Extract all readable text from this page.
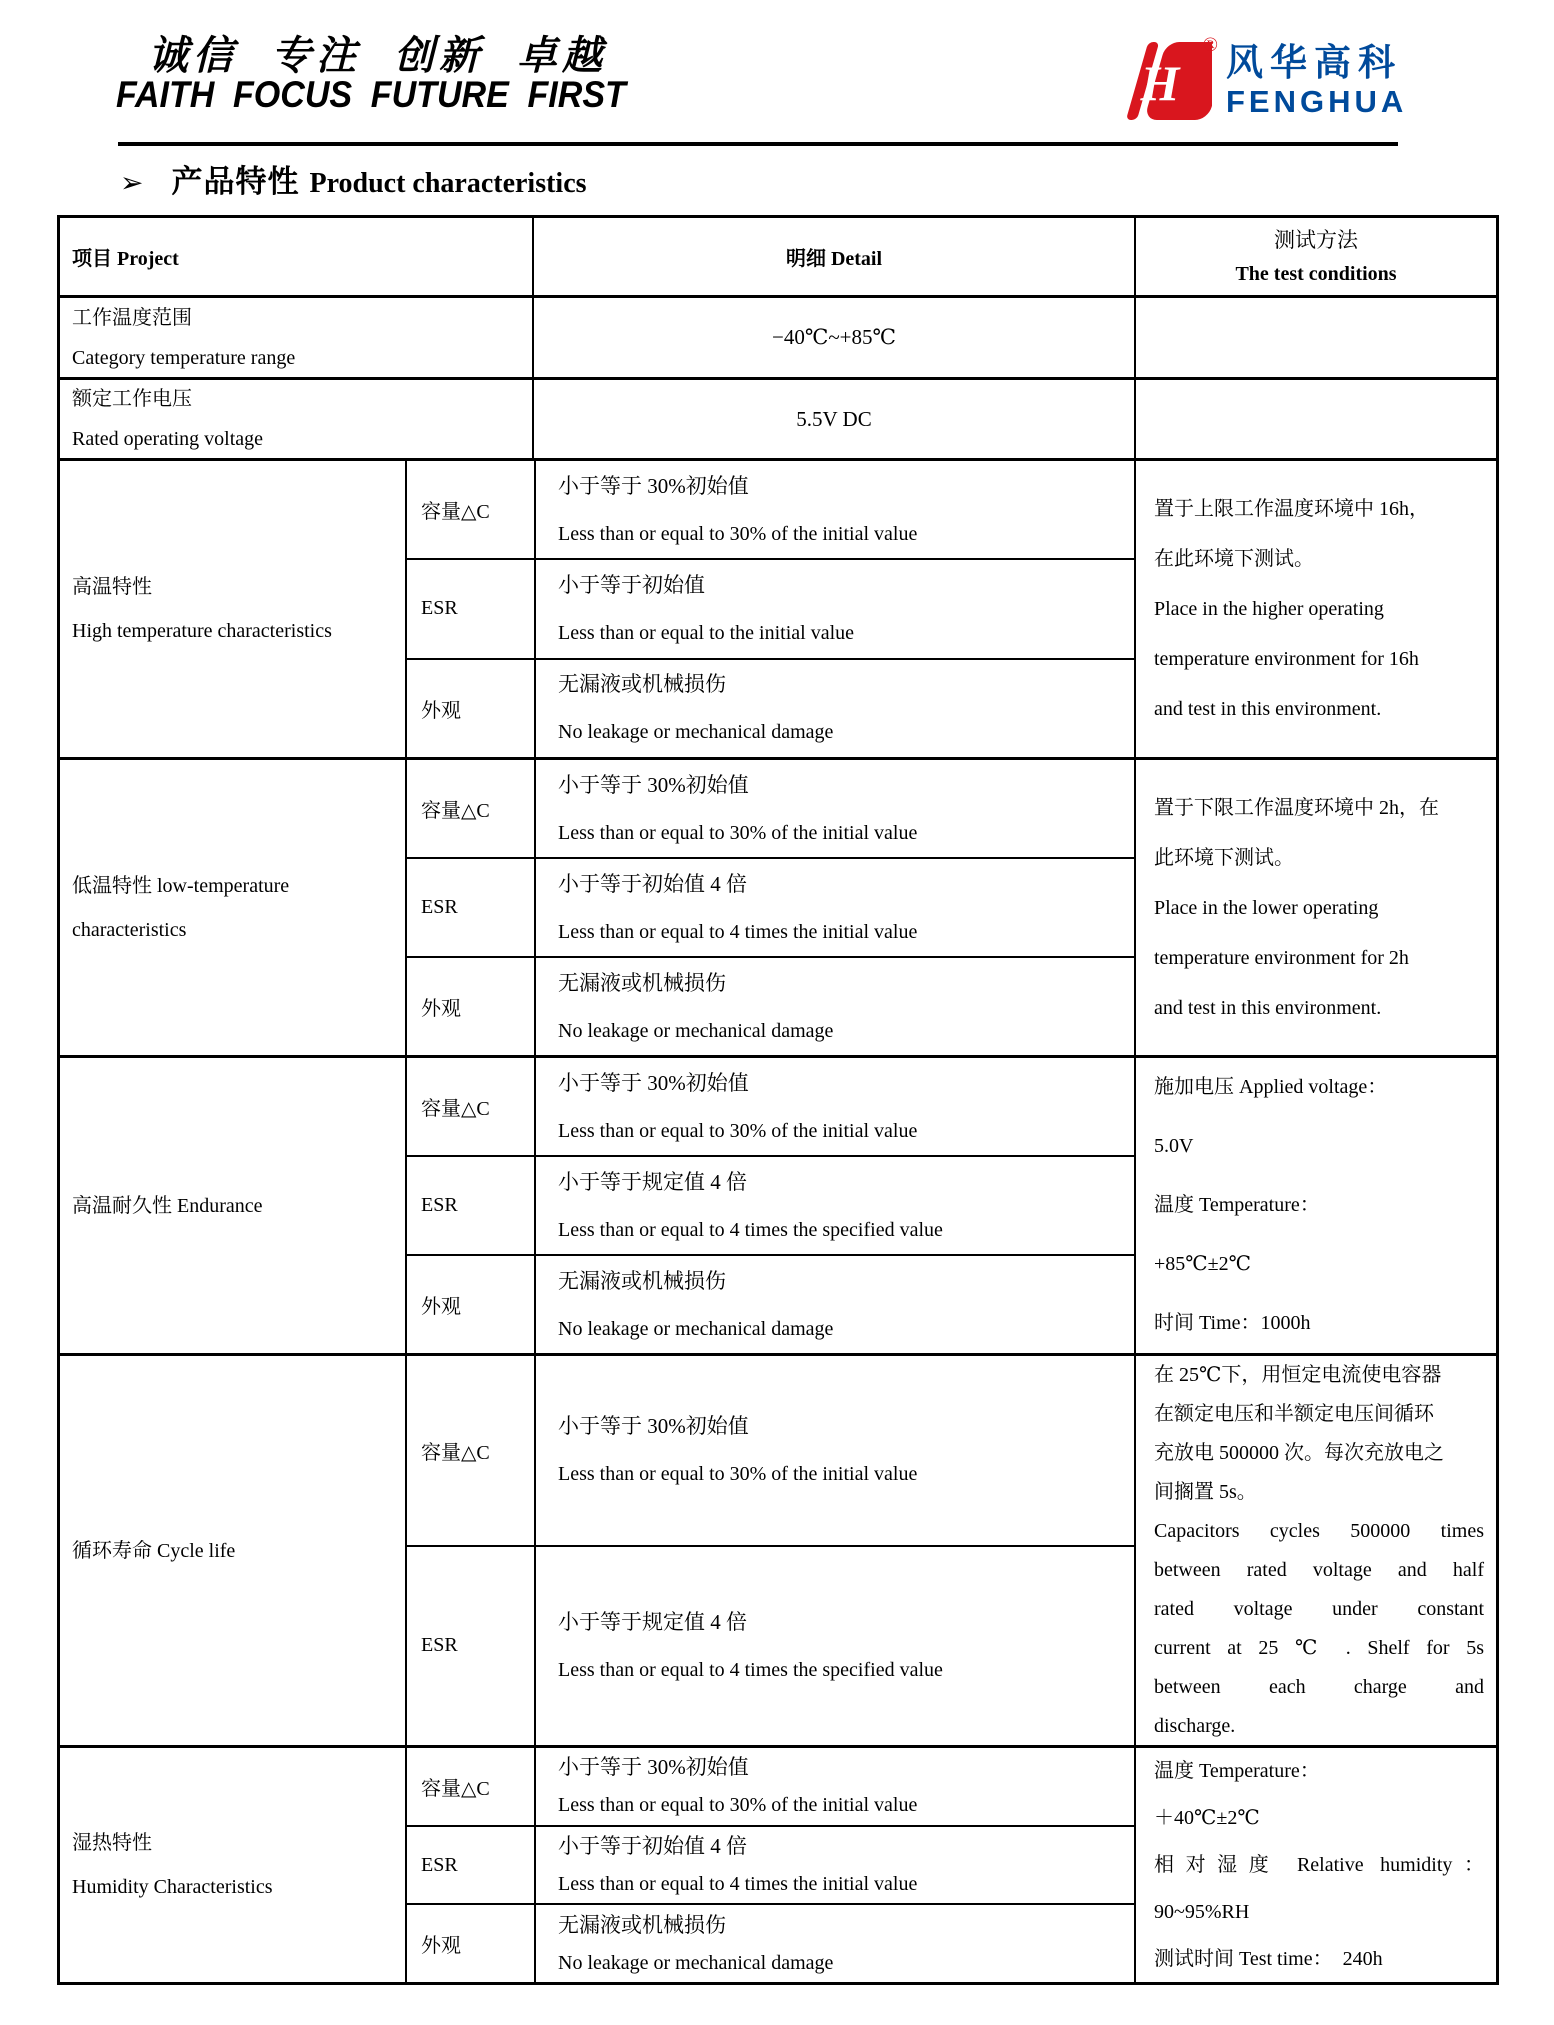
诚信 专注 创新 卓越
FAITH FOCUS FUTURE FIRST	H
® 风华高科
FENGHUA
➢ 产品特性 Product characteristics
项目 Project	明细 Detail
测试方法
The test conditions
工作温度范围
Category temperature range
−40℃~+85℃
额定工作电压
Rated operating voltage
5.5V DC
高温特性
High temperature characteristics
容量△C
小于等于 30%初始值
Less than or equal to 30% of the initial value
ESR
小于等于初始值
Less than or equal to the initial value
外观
无漏液或机械损伤
No leakage or mechanical damage
置于上限工作温度环境中 16h，
在此环境下测试。
Place in the higher operating
temperature environment for 16h
and test in this environment.
低温特性 low-temperature characteristics
容量△C
小于等于 30%初始值
Less than or equal to 30% of the initial value
ESR
小于等于初始值 4 倍
Less than or equal to 4 times the initial value
外观
无漏液或机械损伤
No leakage or mechanical damage
置于下限工作温度环境中 2h，在
此环境下测试。
Place in the lower operating
temperature environment for 2h
and test in this environment.
高温耐久性 Endurance
容量△C
小于等于 30%初始值
Less than or equal to 30% of the initial value
ESR
小于等于规定值 4 倍
Less than or equal to 4 times the specified value
外观
无漏液或机械损伤
No leakage or mechanical damage
施加电压 Applied voltage：
5.0V
温度 Temperature：
+85℃±2℃
时间 Time：1000h
循环寿命 Cycle life
容量△C
小于等于 30%初始值
Less than or equal to 30% of the initial value
ESR
小于等于规定值 4 倍
Less than or equal to 4 times the specified value
在 25℃下，用恒定电流使电容器
在额定电压和半额定电压间循环
充放电 500000 次。每次充放电之
间搁置 5s。
Capacitors cycles 500000 times
between rated voltage and half
rated voltage under constant
current at 25 ℃ . Shelf for 5s
between each charge and
discharge.
湿热特性
Humidity Characteristics
容量△C
小于等于 30%初始值
Less than or equal to 30% of the initial value
ESR
小于等于初始值 4 倍
Less than or equal to 4 times the initial value
外观
无漏液或机械损伤
No leakage or mechanical damage
温度 Temperature：
＋40℃±2℃
相对湿度 Relative humidity：
90~95%RH
测试时间 Test time：　240h
